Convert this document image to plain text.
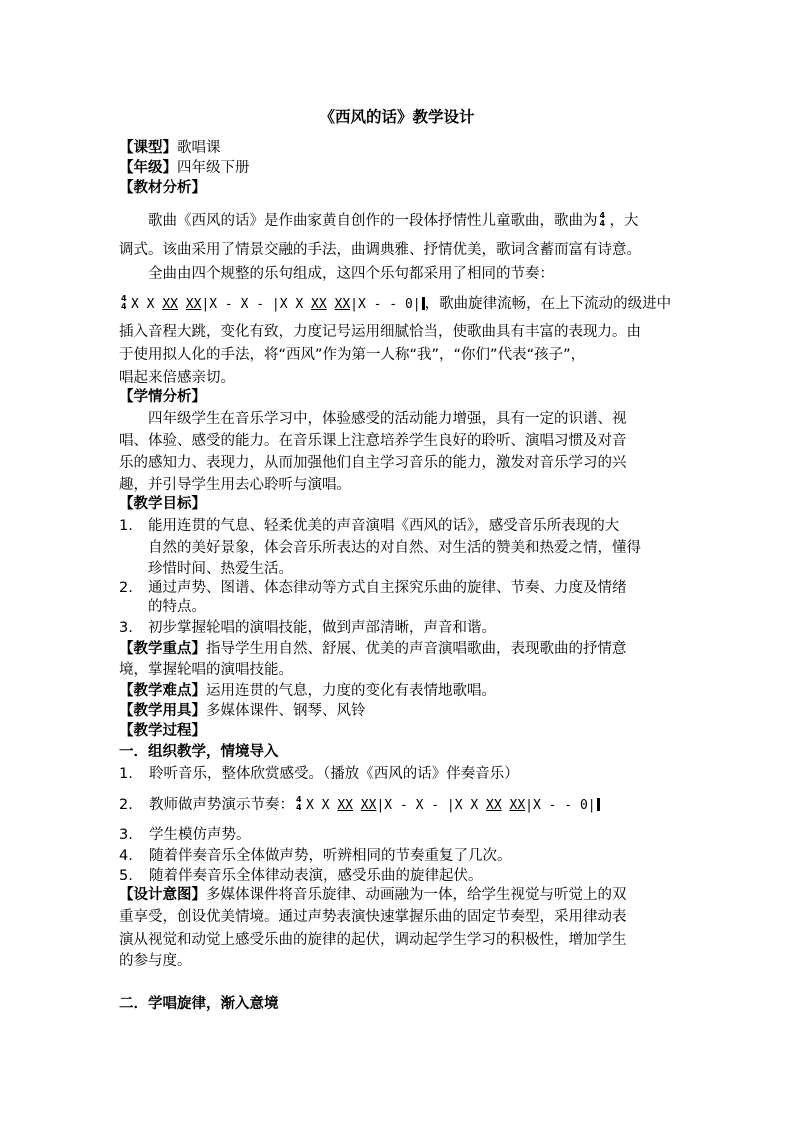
《西风的话》教学设计
【课型】歌唱课
【年级】四年级下册
【教材分析】
歌曲《西风的话》是作曲家黄自创作的一段体抒情性儿童歌曲，歌曲为 4
4 ，大
调式。该曲采用了情景交融的手法，曲调典雅、抒情优美，歌词含蓄而富有诗意。
全曲由四个规整的乐句组成，这四个乐句都采用了相同的节奏：
4
4 X X XX XX|X - X - |X X XX XX|X - - 0| ，歌曲旋律流畅，在上下流动的级进中
插入音程大跳，变化有致，力度记号运用细腻恰当，使歌曲具有丰富的表现力。由
于使用拟人化的手法，将“西风”作为第一人称“我”，“你们”代表“孩子”，
唱起来倍感亲切。
【学情分析】
四年级学生在音乐学习中，体验感受的活动能力增强，具有一定的识谱、视
唱、体验、感受的能力。在音乐课上注意培养学生良好的聆听、演唱习惯及对音
乐的感知力、表现力，从而加强他们自主学习音乐的能力，激发对音乐学习的兴
趣，并引导学生用去心聆听与演唱。
【教学目标】
1. 能用连贯的气息、轻柔优美的声音演唱《西风的话》，感受音乐所表现的大
自然的美好景象，体会音乐所表达的对自然、对生活的赞美和热爱之情，懂得
珍惜时间、热爱生活。
2. 通过声势、图谱、体态律动等方式自主探究乐曲的旋律、节奏、力度及情绪
的特点。
3. 初步掌握轮唱的演唱技能，做到声部清晰，声音和谐。
【教学重点】指导学生用自然、舒展、优美的声音演唱歌曲，表现歌曲的抒情意
境，掌握轮唱的演唱技能。
【教学难点】运用连贯的气息，力度的变化有表情地歌唱。
【教学用具】多媒体课件、钢琴、风铃
【教学过程】
一．组织教学，情境导入
1. 聆听音乐，整体欣赏感受。（播放《西风的话》伴奏音乐）
2. 教师做声势演示节奏： 4
4 X X XX XX|X - X - |X X XX XX|X - - 0|
3. 学生模仿声势。
4. 随着伴奏音乐全体做声势，听辨相同的节奏重复了几次。
5. 随着伴奏音乐全体律动表演，感受乐曲的旋律起伏。
【设计意图】多媒体课件将音乐旋律、动画融为一体，给学生视觉与听觉上的双
重享受，创设优美情境。通过声势表演快速掌握乐曲的固定节奏型，采用律动表
演从视觉和动觉上感受乐曲的旋律的起伏，调动起学生学习的积极性，增加学生
的参与度。
二．学唱旋律，渐入意境
